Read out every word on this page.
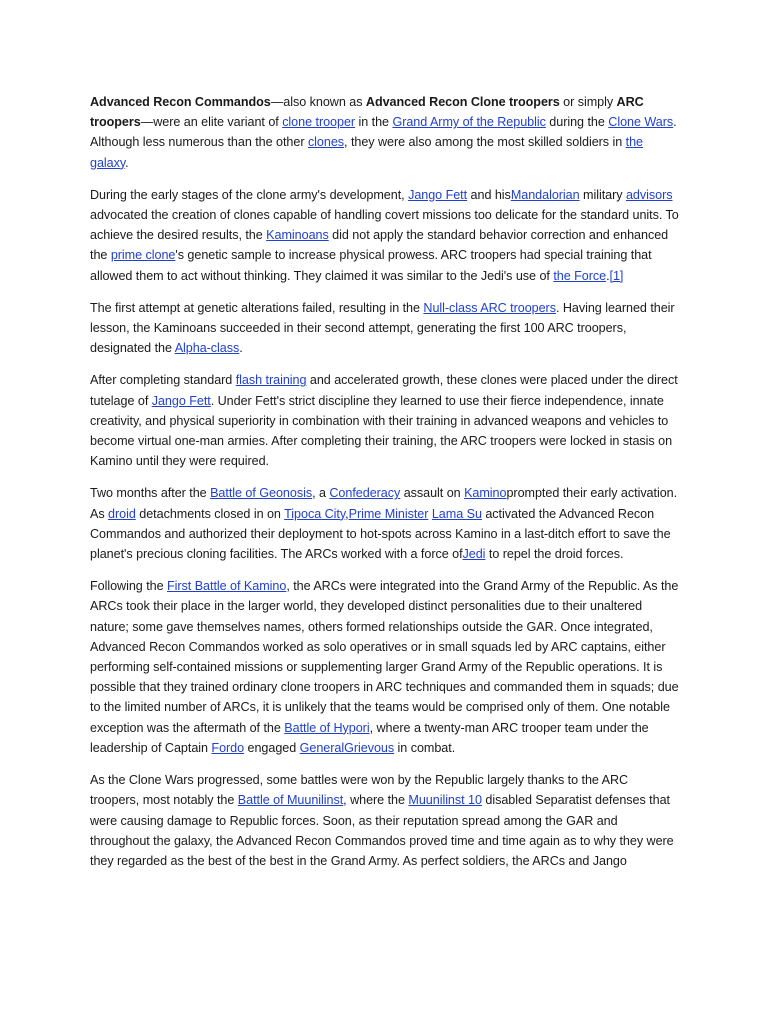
Advanced Recon Commandos—also known as Advanced Recon Clone troopers or simply ARC troopers—were an elite variant of clone trooper in the Grand Army of the Republic during the Clone Wars. Although less numerous than the other clones, they were also among the most skilled soldiers in the galaxy.

During the early stages of the clone army's development, Jango Fett and hisMandalorian military advisors advocated the creation of clones capable of handling covert missions too delicate for the standard units. To achieve the desired results, the Kaminoans did not apply the standard behavior correction and enhanced the prime clone's genetic sample to increase physical prowess. ARC troopers had special training that allowed them to act without thinking. They claimed it was similar to the Jedi's use of the Force.[1]

The first attempt at genetic alterations failed, resulting in the Null-class ARC troopers. Having learned their lesson, the Kaminoans succeeded in their second attempt, generating the first 100 ARC troopers, designated the Alpha-class.

After completing standard flash training and accelerated growth, these clones were placed under the direct tutelage of Jango Fett. Under Fett's strict discipline they learned to use their fierce independence, innate creativity, and physical superiority in combination with their training in advanced weapons and vehicles to become virtual one-man armies. After completing their training, the ARC troopers were locked in stasis on Kamino until they were required.

Two months after the Battle of Geonosis, a Confederacy assault on Kaminoprompted their early activation. As droid detachments closed in on Tipoca City,Prime Minister Lama Su activated the Advanced Recon Commandos and authorized their deployment to hot-spots across Kamino in a last-ditch effort to save the planet's precious cloning facilities. The ARCs worked with a force ofJedi to repel the droid forces.

Following the First Battle of Kamino, the ARCs were integrated into the Grand Army of the Republic. As the ARCs took their place in the larger world, they developed distinct personalities due to their unaltered nature; some gave themselves names, others formed relationships outside the GAR. Once integrated, Advanced Recon Commandos worked as solo operatives or in small squads led by ARC captains, either performing self-contained missions or supplementing larger Grand Army of the Republic operations. It is possible that they trained ordinary clone troopers in ARC techniques and commanded them in squads; due to the limited number of ARCs, it is unlikely that the teams would be comprised only of them. One notable exception was the aftermath of the Battle of Hypori, where a twenty-man ARC trooper team under the leadership of Captain Fordo engaged GeneralGrievous in combat.

As the Clone Wars progressed, some battles were won by the Republic largely thanks to the ARC troopers, most notably the Battle of Muunilinst, where the Muunilinst 10 disabled Separatist defenses that were causing damage to Republic forces. Soon, as their reputation spread among the GAR and throughout the galaxy, the Advanced Recon Commandos proved time and time again as to why they were they regarded as the best of the best in the Grand Army. As perfect soldiers, the ARCs and Jango
